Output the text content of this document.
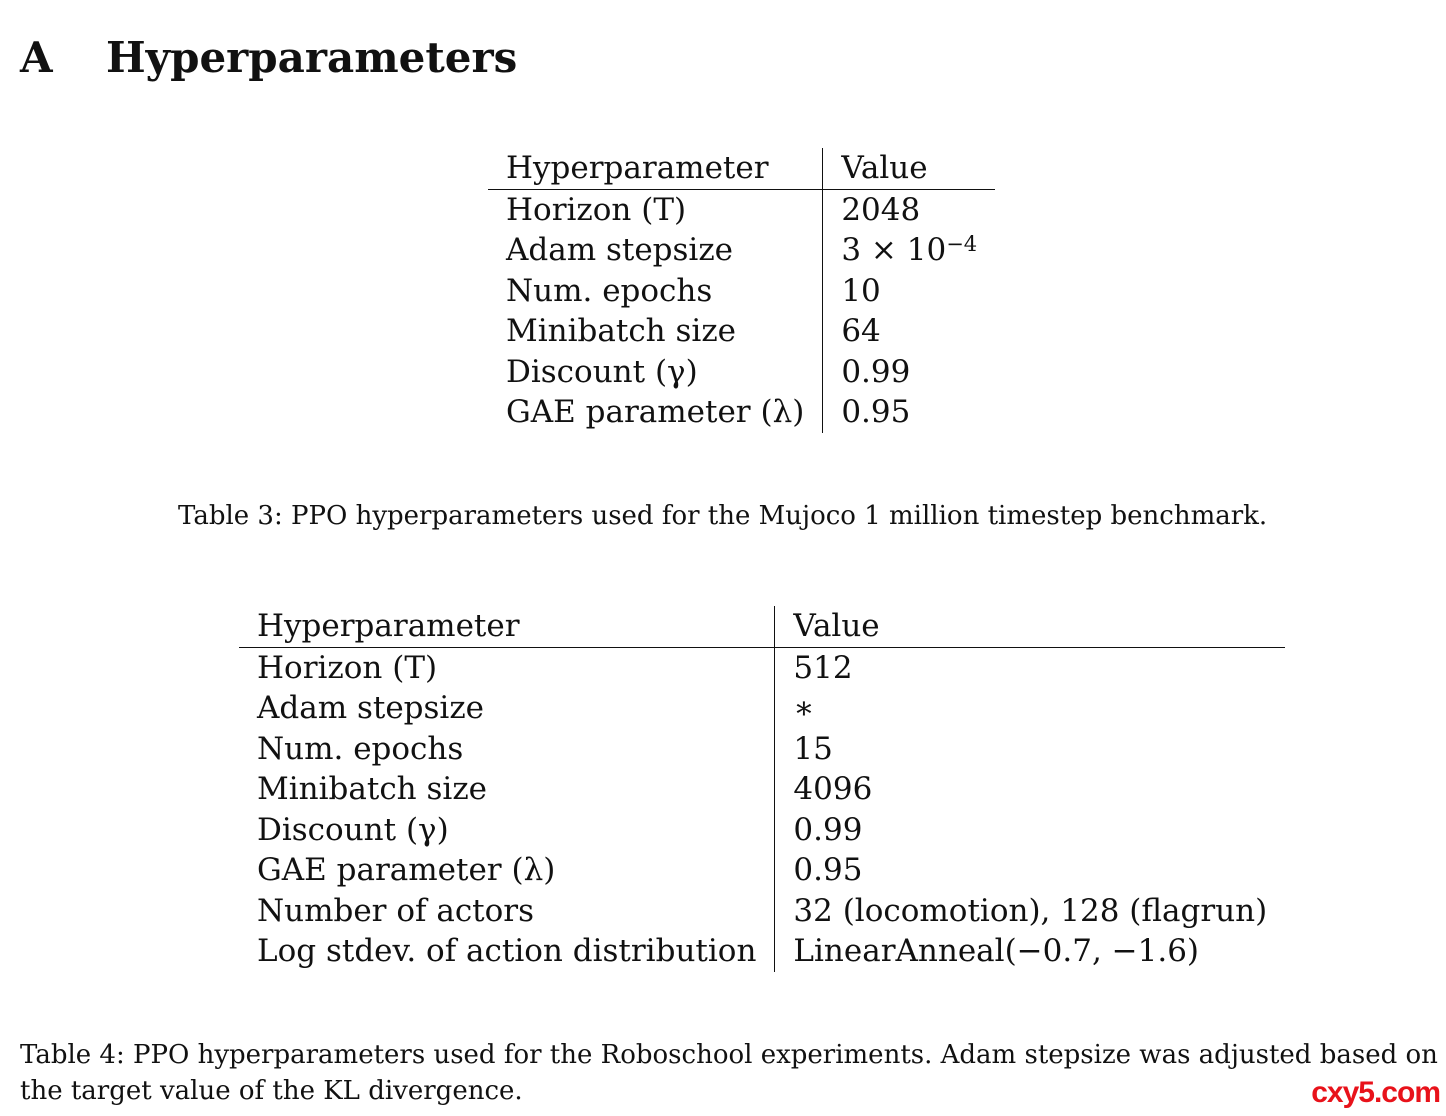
A Hyperparameters
Hyperparameter	Value
Horizon (T)	2048
Adam stepsize	$3 \times 10^{-4}$
Num. epochs	10
Minibatch size	64
Discount (γ)	0.99
GAE parameter (λ)	0.95

Table 3: PPO hyperparameters used for the Mujoco 1 million timestep benchmark.

Hyperparameter	Value
Horizon (T)	512
Adam stepsize	∗
Num. epochs	15
Minibatch size	4096
Discount (γ)	0.99
GAE parameter (λ)	0.95
Number of actors	32 (locomotion), 128 (flagrun)
Log stdev. of action distribution	LinearAnneal(−0.7, −1.6)

Table 4: PPO hyperparameters used for the Roboschool experiments. Adam stepsize was adjusted based on the target value of the KL divergence.	cxy5.com
